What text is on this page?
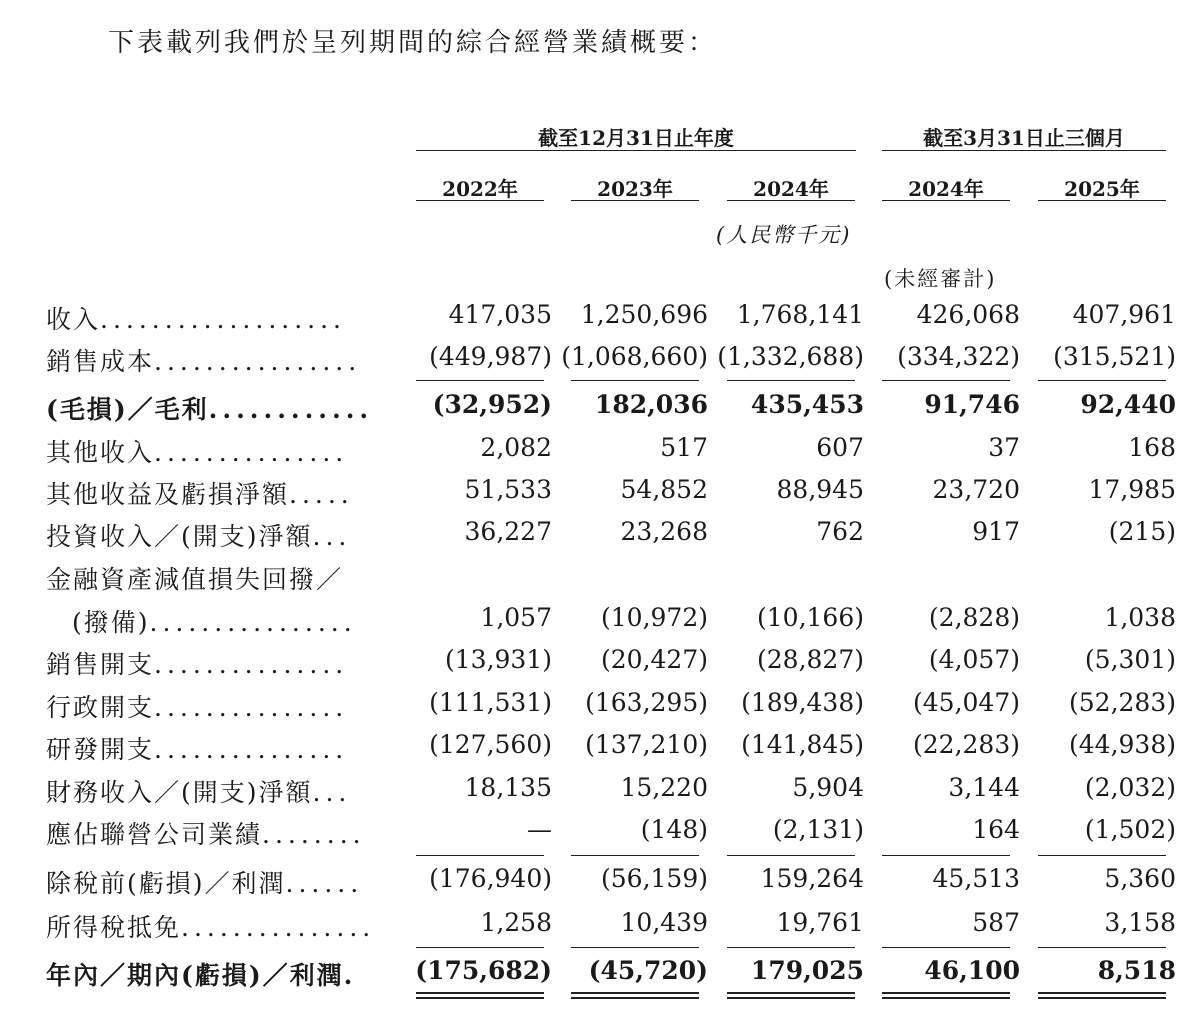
下表載列我們於呈列期間的綜合經營業績概要：
截至12月31日止年度	截至3月31日止三個月
2022年	2023年	2024年	2024年	2025年
(人民幣千元)
(未經審計)
收入...................	417,035 1,250,696 1,768,141 426,068 407,961
銷售成本................	(449,987) (1,068,660) (1,332,688) (334,322) (315,521)
(毛損)／毛利............ (32,952) 182,036 435,453 91,746 92,440
其他收入...............	2,082	517	607	37	168
其他收益及虧損淨額.....	51,533	54,852	88,945	23,720	17,985
投資收入／(開支)淨額...	36,227	23,268	762	917	(215)
金融資產減值損失回撥／
(撥備)................	1,057 (10,972) (10,166)	(2,828)	1,038
銷售開支...............	(13,931) (20,427) (28,827)	(4,057)	(5,301)
行政開支...............	(111,531) (163,295) (189,438) (45,047) (52,283)
研發開支...............	(127,560) (137,210) (141,845) (22,283) (44,938)
財務收入／(開支)淨額...	18,135	15,220	5,904	3,144	(2,032)
應佔聯營公司業績........	—	(148)	(2,131)	164	(1,502)
除稅前(虧損)／利潤......	(176,940) (56,159) 159,264	45,513	5,360
所得稅抵免...............	1,258	10,439	19,761	587	3,158
年內／期內(虧損)／利潤. (175,682) (45,720) 179,025 46,100	8,518
